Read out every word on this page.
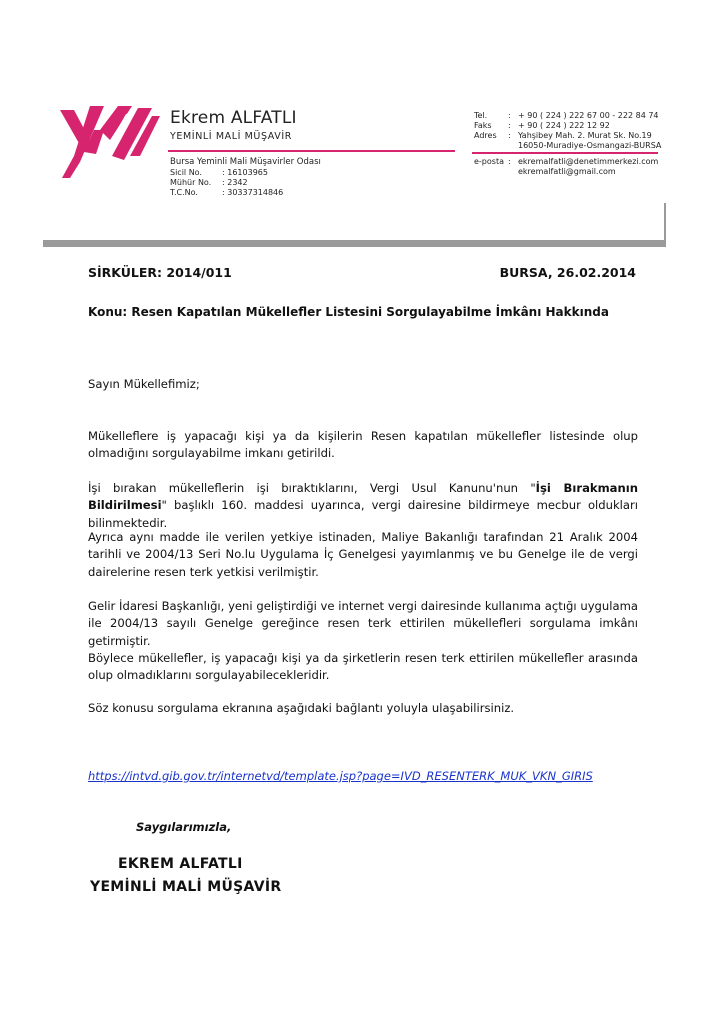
Ekrem ALFATLI
YEMİNLİ MALİ MÜŞAVİR
Bursa Yeminli Mali Müşavirler Odası
Sicil No.	: 16103965
Mühür No. : 2342
T.C.No.	: 30337314846
Tel.	: + 90 ( 224 ) 222 67 00 - 222 84 74
Faks : + 90 ( 224 ) 222 12 92
Adres : Yahşibey Mah. 2. Murat Sk. No.19
16050-Muradiye-Osmangazi-BURSA
e-posta : ekremalfatli@denetimmerkezi.com
ekremalfatli@gmail.com
SİRKÜLER: 2014/011	BURSA, 26.02.2014
Konu: Resen Kapatılan Mükellefler Listesini Sorgulayabilme İmkânı Hakkında

Sayın Mükellefimiz;

Mükelleflere iş yapacağı kişi ya da kişilerin Resen kapatılan mükellefler listesinde olup olmadığını sorgulayabilme imkanı getirildi.

İşi bırakan mükelleflerin işi bıraktıklarını, Vergi Usul Kanunu'nun "İşi Bırakmanın Bildirilmesi" başlıklı 160. maddesi uyarınca, vergi dairesine bildirmeye mecbur oldukları bilinmektedir.

Ayrıca aynı madde ile verilen yetkiye istinaden, Maliye Bakanlığı tarafından 21 Aralık 2004 tarihli ve 2004/13 Seri No.lu Uygulama İç Genelgesi yayımlanmış ve bu Genelge ile de vergi dairelerine resen terk yetkisi verilmiştir.

Gelir İdaresi Başkanlığı, yeni geliştirdiği ve internet vergi dairesinde kullanıma açtığı uygulama ile 2004/13 sayılı Genelge gereğince resen terk ettirilen mükellefleri sorgulama imkânı getirmiştir.

Böylece mükellefler, iş yapacağı kişi ya da şirketlerin resen terk ettirilen mükellefler arasında olup olmadıklarını sorgulayabilecekleridir.

Söz konusu sorgulama ekranına aşağıdaki bağlantı yoluyla ulaşabilirsiniz.

https://intvd.gib.gov.tr/internetvd/template.jsp?page=IVD_RESENTERK_MUK_VKN_GIRIS
Saygılarımızla,
EKREM ALFATLI
YEMİNLİ MALİ MÜŞAVİR
